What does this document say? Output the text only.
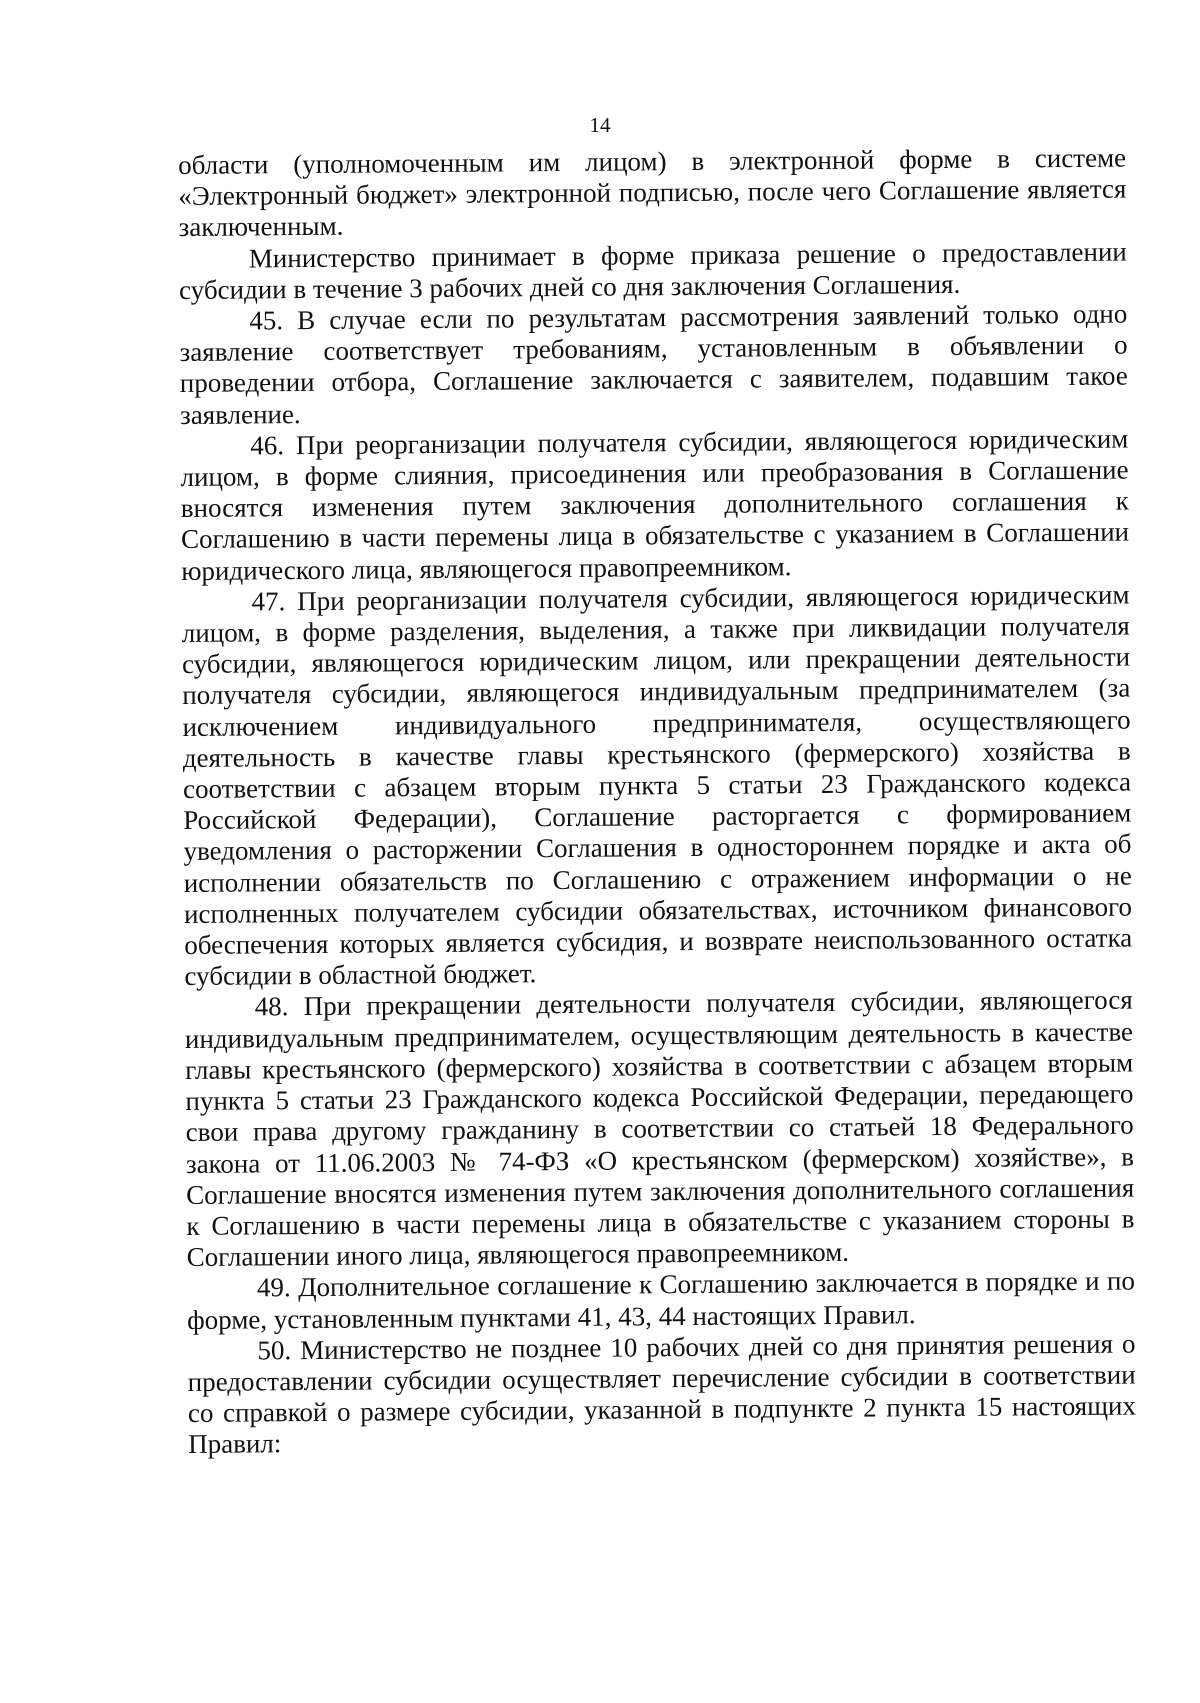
14

области (уполномоченным им лицом) в электронной форме в системе «Электронный бюджет» электронной подписью, после чего Соглашение является заключенным.

Министерство принимает в форме приказа решение о предоставлении субсидии в течение 3 рабочих дней со дня заключения Соглашения.

45. В случае если по результатам рассмотрения заявлений только одно заявление соответствует требованиям, установленным в объявлении о проведении отбора, Соглашение заключается с заявителем, подавшим такое заявление.

46. При реорганизации получателя субсидии, являющегося юридическим лицом, в форме слияния, присоединения или преобразования в Соглашение вносятся изменения путем заключения дополнительного соглашения к Соглашению в части перемены лица в обязательстве с указанием в Соглашении юридического лица, являющегося правопреемником.

47. При реорганизации получателя субсидии, являющегося юридическим лицом, в форме разделения, выделения, а также при ликвидации получателя субсидии, являющегося юридическим лицом, или прекращении деятельности получателя субсидии, являющегося индивидуальным предпринимателем (за исключением индивидуального предпринимателя, осуществляющего деятельность в качестве главы крестьянского (фермерского) хозяйства в соответствии с абзацем вторым пункта 5 статьи 23 Гражданского кодекса Российской Федерации), Соглашение расторгается с формированием уведомления о расторжении Соглашения в одностороннем порядке и акта об исполнении обязательств по Соглашению с отражением информации о не исполненных получателем субсидии обязательствах, источником финансового обеспечения которых является субсидия, и возврате неиспользованного остатка субсидии в областной бюджет.

48. При прекращении деятельности получателя субсидии, являющегося индивидуальным предпринимателем, осуществляющим деятельность в качестве главы крестьянского (фермерского) хозяйства в соответствии с абзацем вторым пункта 5 статьи 23 Гражданского кодекса Российской Федерации, передающего свои права другому гражданину в соответствии со статьей 18 Федерального закона от 11.06.2003 № 74-ФЗ «О крестьянском (фермерском) хозяйстве», в Соглашение вносятся изменения путем заключения дополнительного соглашения к Соглашению в части перемены лица в обязательстве с указанием стороны в Соглашении иного лица, являющегося правопреемником.

49. Дополнительное соглашение к Соглашению заключается в порядке и по форме, установленным пунктами 41, 43, 44 настоящих Правил.

50. Министерство не позднее 10 рабочих дней со дня принятия решения о предоставлении субсидии осуществляет перечисление субсидии в соответствии со справкой о размере субсидии, указанной в подпункте 2 пункта 15 настоящих Правил:
